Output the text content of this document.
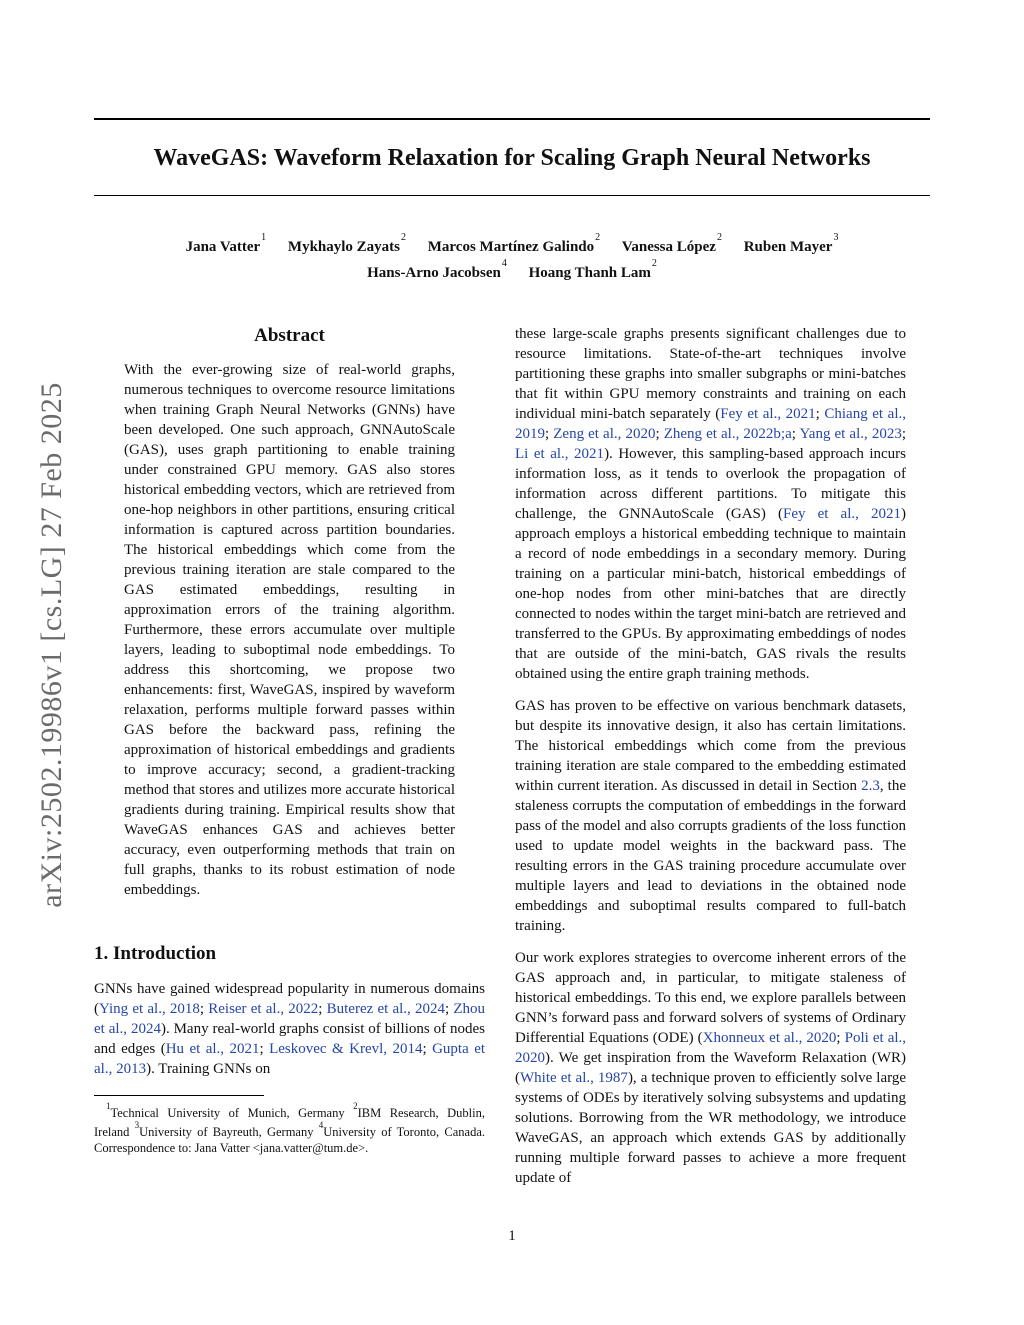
arXiv:2502.19986v1 [cs.LG] 27 Feb 2025
WaveGAS: Waveform Relaxation for Scaling Graph Neural Networks
Jana Vatter$^1$ Mykhaylo Zayats$^2$ Marcos Martínez Galindo$^2$ Vanessa López$^2$ Ruben Mayer$^3$
Hans-Arno Jacobsen$^4$ Hoang Thanh Lam$^2$
Abstract

With the ever-growing size of real-world graphs, numerous techniques to overcome resource limitations when training Graph Neural Networks (GNNs) have been developed. One such approach, GNNAutoScale (GAS), uses graph partitioning to enable training under constrained GPU memory. GAS also stores historical embedding vectors, which are retrieved from one-hop neighbors in other partitions, ensuring critical information is captured across partition boundaries. The historical embeddings which come from the previous training iteration are stale compared to the GAS estimated embeddings, resulting in approximation errors of the training algorithm. Furthermore, these errors accumulate over multiple layers, leading to suboptimal node embeddings. To address this shortcoming, we propose two enhancements: first, WaveGAS, inspired by waveform relaxation, performs multiple forward passes within GAS before the backward pass, refining the approximation of historical embeddings and gradients to improve accuracy; second, a gradient-tracking method that stores and utilizes more accurate historical gradients during training. Empirical results show that WaveGAS enhances GAS and achieves better accuracy, even outperforming methods that train on full graphs, thanks to its robust estimation of node embeddings.

1. Introduction

GNNs have gained widespread popularity in numerous domains (Ying et al., 2018; Reiser et al., 2022; Buterez et al., 2024; Zhou et al., 2024). Many real-world graphs consist of billions of nodes and edges (Hu et al., 2021; Leskovec & Krevl, 2014; Gupta et al., 2013). Training GNNs on

$^1$Technical University of Munich, Germany $^2$IBM Research, Dublin, Ireland $^3$University of Bayreuth, Germany $^4$University of Toronto, Canada. Correspondence to: Jana Vatter <jana.vatter@tum.de>.

these large-scale graphs presents significant challenges due to resource limitations. State-of-the-art techniques involve partitioning these graphs into smaller subgraphs or mini-batches that fit within GPU memory constraints and training on each individual mini-batch separately (Fey et al., 2021; Chiang et al., 2019; Zeng et al., 2020; Zheng et al., 2022b;a; Yang et al., 2023; Li et al., 2021). However, this sampling-based approach incurs information loss, as it tends to overlook the propagation of information across different partitions. To mitigate this challenge, the GNNAutoScale (GAS) (Fey et al., 2021) approach employs a historical embedding technique to maintain a record of node embeddings in a secondary memory. During training on a particular mini-batch, historical embeddings of one-hop nodes from other mini-batches that are directly connected to nodes within the target mini-batch are retrieved and transferred to the GPUs. By approximating embeddings of nodes that are outside of the mini-batch, GAS rivals the results obtained using the entire graph training methods.

GAS has proven to be effective on various benchmark datasets, but despite its innovative design, it also has certain limitations. The historical embeddings which come from the previous training iteration are stale compared to the embedding estimated within current iteration. As discussed in detail in Section 2.3, the staleness corrupts the computation of embeddings in the forward pass of the model and also corrupts gradients of the loss function used to update model weights in the backward pass. The resulting errors in the GAS training procedure accumulate over multiple layers and lead to deviations in the obtained node embeddings and suboptimal results compared to full-batch training.

Our work explores strategies to overcome inherent errors of the GAS approach and, in particular, to mitigate staleness of historical embeddings. To this end, we explore parallels between GNN’s forward pass and forward solvers of systems of Ordinary Differential Equations (ODE) (Xhonneux et al., 2020; Poli et al., 2020). We get inspiration from the Waveform Relaxation (WR) (White et al., 1987), a technique proven to efficiently solve large systems of ODEs by iteratively solving subsystems and updating solutions. Borrowing from the WR methodology, we introduce WaveGAS, an approach which extends GAS by additionally running multiple forward passes to achieve a more frequent update of

1
